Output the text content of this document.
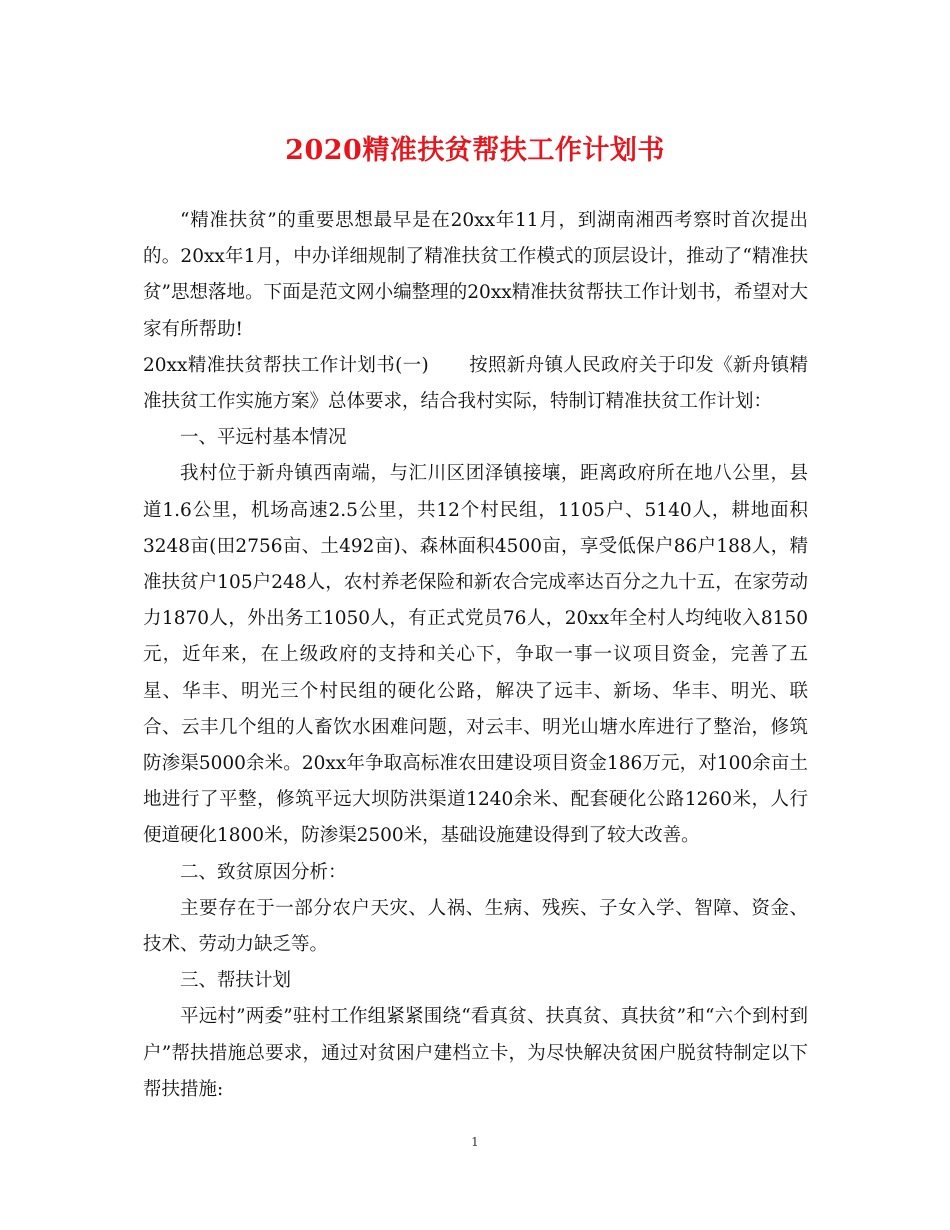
2020精准扶贫帮扶工作计划书

“精准扶贫”的重要思想最早是在20xx年11月，到湖南湘西考察时首次提出的。20xx年1月，中办详细规制了精准扶贫工作模式的顶层设计，推动了“精准扶贫”思想落地。下面是范文网小编整理的20xx精准扶贫帮扶工作计划书，希望对大家有所帮助!

20xx精准扶贫帮扶工作计划书(一) 按照新舟镇人民政府关于印发《新舟镇精准扶贫工作实施方案》总体要求，结合我村实际，特制订精准扶贫工作计划：

一、平远村基本情况

我村位于新舟镇西南端，与汇川区团泽镇接壤，距离政府所在地八公里，县道1.6公里，机场高速2.5公里，共12个村民组，1105户、5140人，耕地面积3248亩(田2756亩、土492亩)、森林面积4500亩，享受低保户86户188人，精准扶贫户105户248人，农村养老保险和新农合完成率达百分之九十五，在家劳动力1870人，外出务工1050人，有正式党员76人，20xx年全村人均纯收入8150元，近年来，在上级政府的支持和关心下，争取一事一议项目资金，完善了五星、华丰、明光三个村民组的硬化公路，解决了远丰、新场、华丰、明光、联合、云丰几个组的人畜饮水困难问题，对云丰、明光山塘水库进行了整治，修筑防渗渠5000余米。20xx年争取高标准农田建设项目资金186万元，对100余亩土地进行了平整，修筑平远大坝防洪渠道1240余米、配套硬化公路1260米，人行便道硬化1800米，防渗渠2500米，基础设施建设得到了较大改善。

二、致贫原因分析：

主要存在于一部分农户天灾、人祸、生病、残疾、子女入学、智障、资金、技术、劳动力缺乏等。

三、帮扶计划

平远村”两委”驻村工作组紧紧围绕“看真贫、扶真贫、真扶贫”和“六个到村到户”帮扶措施总要求，通过对贫困户建档立卡，为尽快解决贫困户脱贫特制定以下帮扶措施:

1
